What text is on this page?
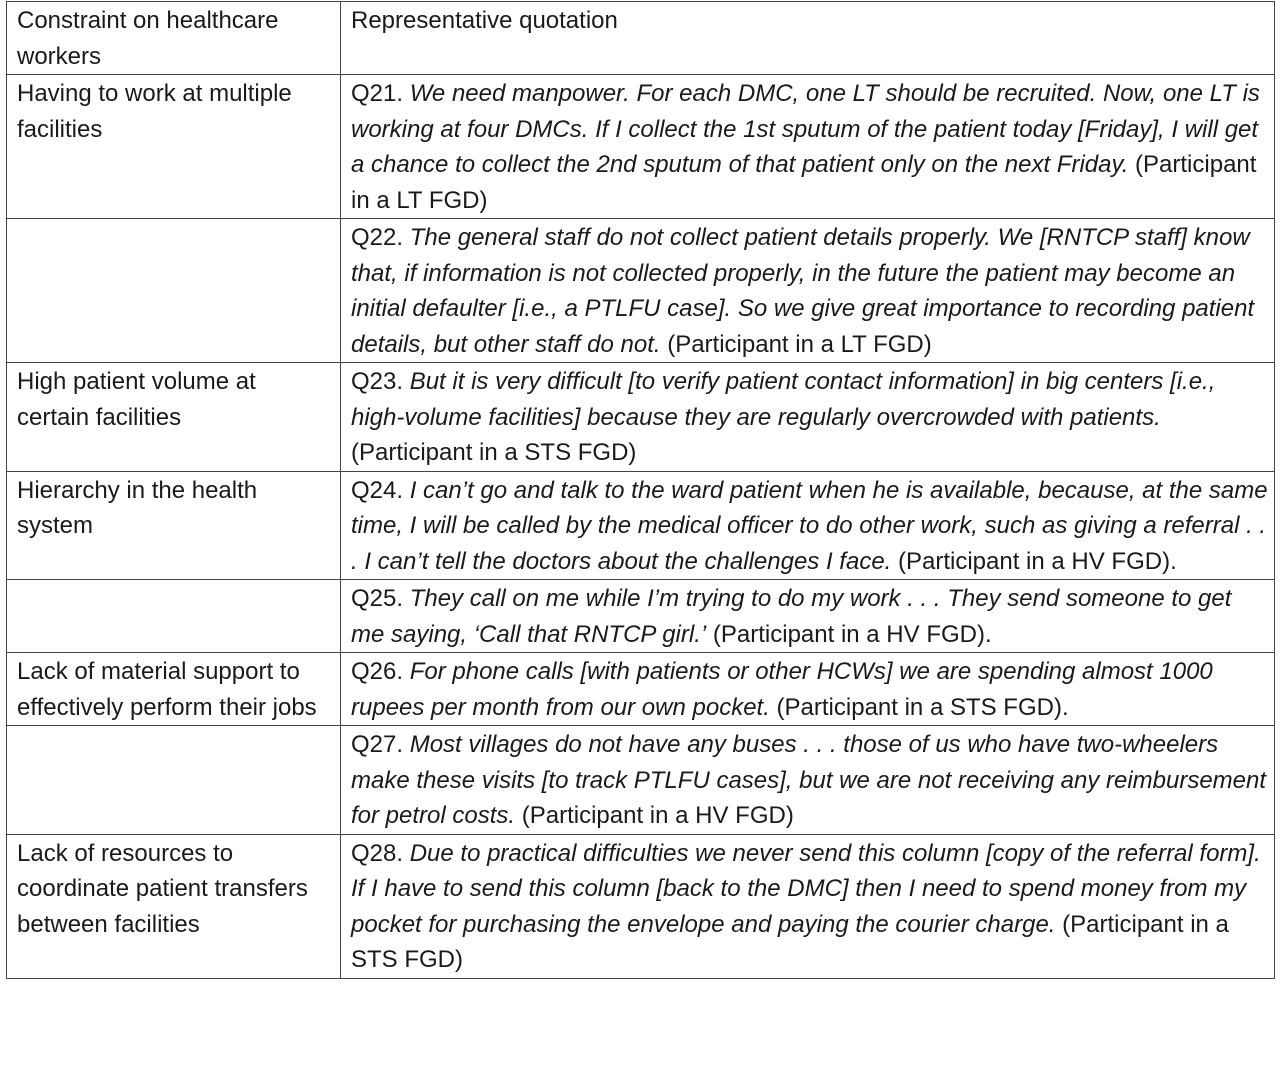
Constraint on healthcare workers	Representative quotation
Having to work at multiple facilities	Q21. We need manpower. For each DMC, one LT should be recruited. Now, one LT is working at four DMCs. If I collect the 1st sputum of the patient today [Friday], I will get a chance to collect the 2nd sputum of that patient only on the next Friday. (Participant in a LT FGD)
	Q22. The general staff do not collect patient details properly. We [RNTCP staff] know that, if information is not collected properly, in the future the patient may become an initial defaulter [i.e., a PTLFU case]. So we give great importance to recording patient details, but other staff do not. (Participant in a LT FGD)
High patient volume at certain facilities	Q23. But it is very difficult [to verify patient contact information] in big centers [i.e., high-volume facilities] because they are regularly overcrowded with patients. (Participant in a STS FGD)
Hierarchy in the health system	Q24. I can’t go and talk to the ward patient when he is available, because, at the same time, I will be called by the medical officer to do other work, such as giving a referral . . . I can’t tell the doctors about the challenges I face. (Participant in a HV FGD).
	Q25. They call on me while I’m trying to do my work . . . They send someone to get me saying, ‘Call that RNTCP girl.’ (Participant in a HV FGD).
Lack of material support to effectively perform their jobs	Q26. For phone calls [with patients or other HCWs] we are spending almost 1000 rupees per month from our own pocket. (Participant in a STS FGD).
	Q27. Most villages do not have any buses . . . those of us who have two-wheelers make these visits [to track PTLFU cases], but we are not receiving any reimbursement for petrol costs. (Participant in a HV FGD)
Lack of resources to coordinate patient transfers between facilities	Q28. Due to practical difficulties we never send this column [copy of the referral form]. If I have to send this column [back to the DMC] then I need to spend money from my pocket for purchasing the envelope and paying the courier charge. (Participant in a STS FGD)
